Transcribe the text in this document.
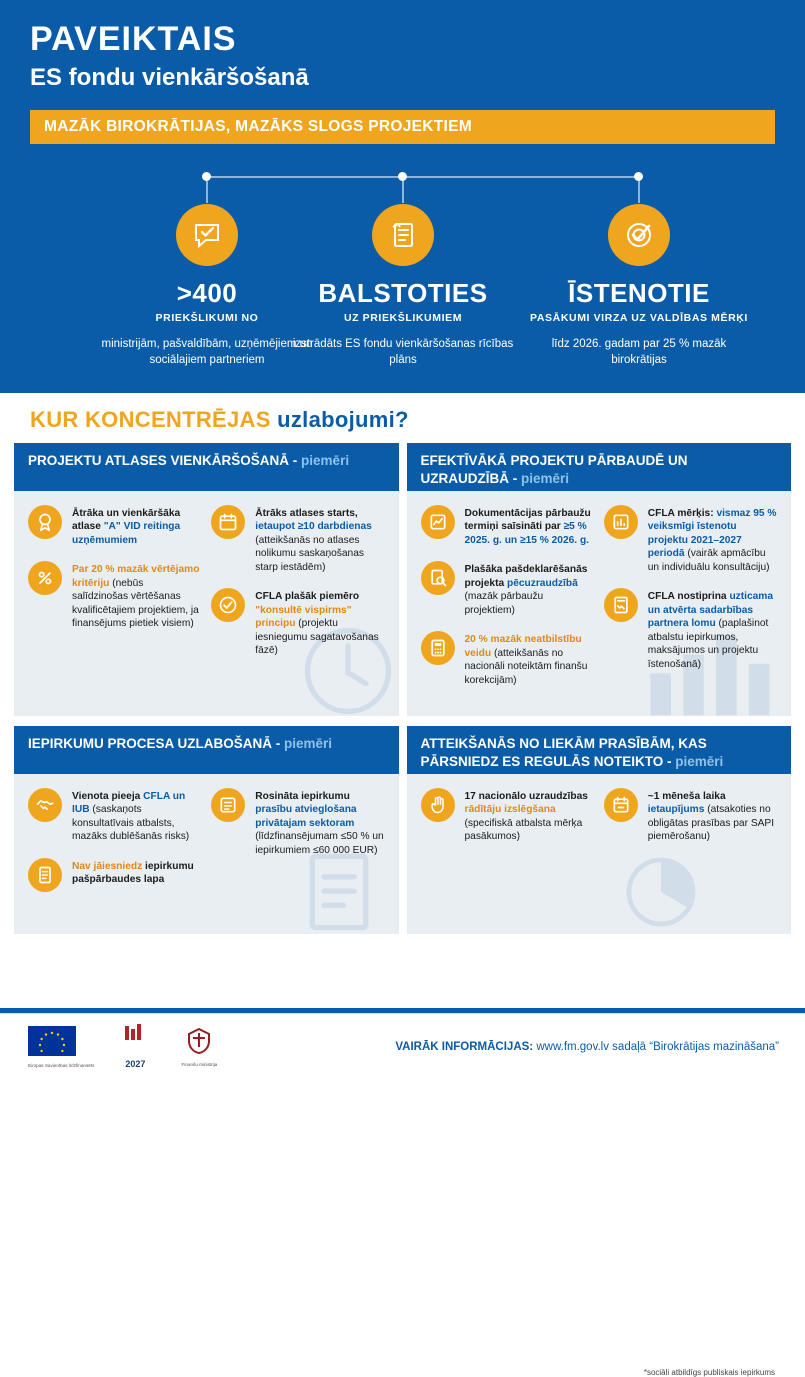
PAVEIKTAIS
ES fondu vienkāršošanā
MAZĀK BIROKRĀTIJAS, MAZĀKS SLOGS PROJEKTIEM
>400
PRIEKŠLIKUMI NO
ministrijām, pašvaldībām, uzņēmējiem un sociālajiem partneriem
BALSTOTIES
UZ PRIEKŠLIKUMIEM
izstrādāts ES fondu vienkāršošanas rīcības plāns
ĪSTENOTIE
PASĀKUMI VIRZA UZ VALDĪBAS MĒRĶI
līdz 2026. gadam par 25 % mazāk birokrātijas
KUR KONCENTRĒJAS uzlabojumi?
PROJEKTU ATLASES VIENKĀRŠOŠANĀ - piemēri
Ātrāka un vienkāršāka atlase "A" VID reitinga uzņēmumiem
Par 20 % mazāk vērtējamo kritēriju (nebūs salīdzinošas vērtēšanas kvalificētajiem projektiem, ja finansējums pietiek visiem)
Ātrāks atlases starts, ietaupot ≥10 darbdienas (atteikšanās no atlases nolikumu saskaņošanas starp iestādēm)
CFLA plašāk piemēro "konsultē vispirms" principu (projektu iesniegumu sagatavošanas fāzē)
EFEKTĪVĀKĀ PROJEKTU PĀRBAUDĒ UN UZRAUDZĪBĀ - piemēri
Dokumentācijas pārbaužu termiņi saīsināti par ≥5 % 2025. g. un ≥15 % 2026. g.
Plašāka pašdeklarēšanās projekta pēcuzraudzībā (mazāk pārbaužu projektiem)
20 % mazāk neatbilstību veidu (atteikšanās no nacionāli noteiktām finanšu korekcijām)
CFLA mērķis: vismaz 95 % veiksmīgi īstenotu projektu 2021–2027 periodā (vairāk apmācību un individuālu konsultāciju)
CFLA nostiprina uzticama un atvērta sadarbības partnera lomu (paplašinot atbalstu iepirkumos, maksājumos un projektu īstenošanā)
IEPIRKUMU PROCESA UZLABOŠANĀ - piemēri
Vienota pieeja CFLA un IUB (saskaņots konsultatīvais atbalsts, mazāks dublēšanās risks)
Nav jāiesniedz iepirkumu pašpārbaudes lapa
Rosināta iepirkumu prasību atvieglošana privātajam sektoram (līdzfinansējumam ≤50 % un iepirkumiem ≤60 000 EUR)
ATTEIKŠANĀS NO LIEKĀM PRASĪBĀM, KAS PĀRSNIEDZ ES REGULĀS NOTEIKTO - piemēri
17 nacionālo uzraudzības rādītāju izslēgšana (specifiskā atbalsta mērķa pasākumos)
~1 mēneša laika ietaupījums (atsakoties no obligātas prasības par SAPI piemērošanu)
*sociāli atbildīgs publiskais iepirkums
Eiropas Savienības līdzfinansēts	2027	Finanšu ministrija
VAIRĀK INFORMĀCIJAS: www.fm.gov.lv sadaļā “Birokrātijas mazināšana”
